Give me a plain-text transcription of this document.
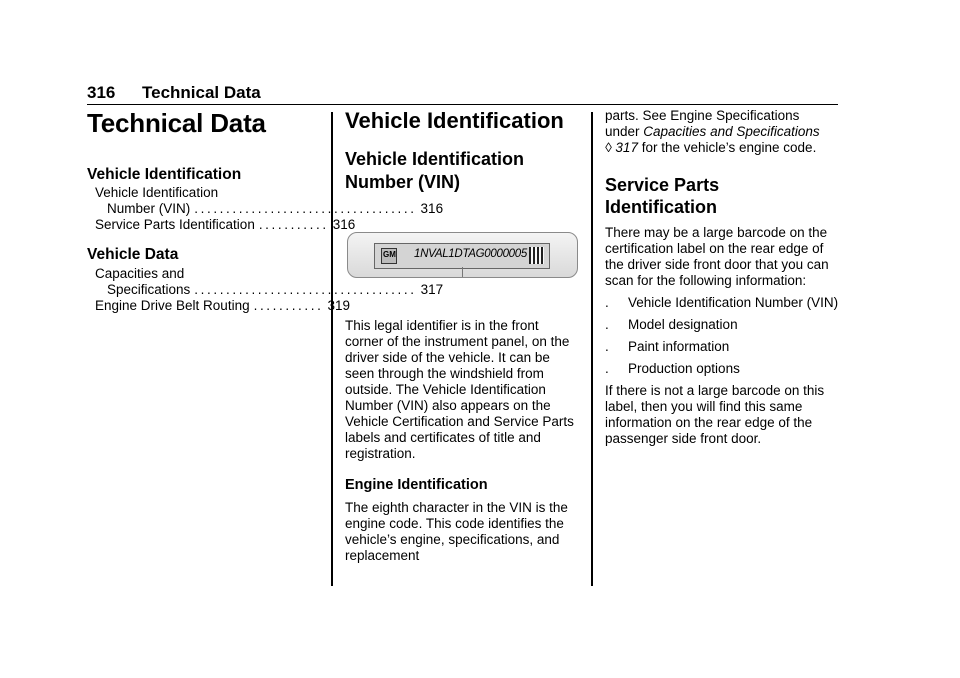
316 Technical Data
Technical Data
Vehicle Identification
Vehicle Identification
Number (VIN) ................................... 316
Service Parts Identification ........... 316
Vehicle Data
Capacities and
Specifications ................................... 317
Engine Drive Belt Routing ........... 319
Vehicle Identification
Vehicle Identification
Number (VIN)

This legal identifier is in the front corner of the instrument panel, on the driver side of the vehicle. It can be seen through the windshield from outside. The Vehicle Identification Number (VIN) also appears on the Vehicle Certification and Service Parts labels and certificates of title and registration.

Engine Identification

The eighth character in the VIN is the engine code. This code identifies the vehicle’s engine, specifications, and replacement

GM 1NVAL1DTAG0000005

parts. See Engine Specifications
under Capacities and Specifications
◊ 317 for the vehicle’s engine code.

Service Parts
Identification

There may be a large barcode on the certification label on the rear edge of the driver side front door that you can scan for the following information:

.	Vehicle Identification Number (VIN)
.	Model designation
.	Paint information
.	Production options

If there is not a large barcode on this label, then you will find this same information on the rear edge of the passenger side front door.
